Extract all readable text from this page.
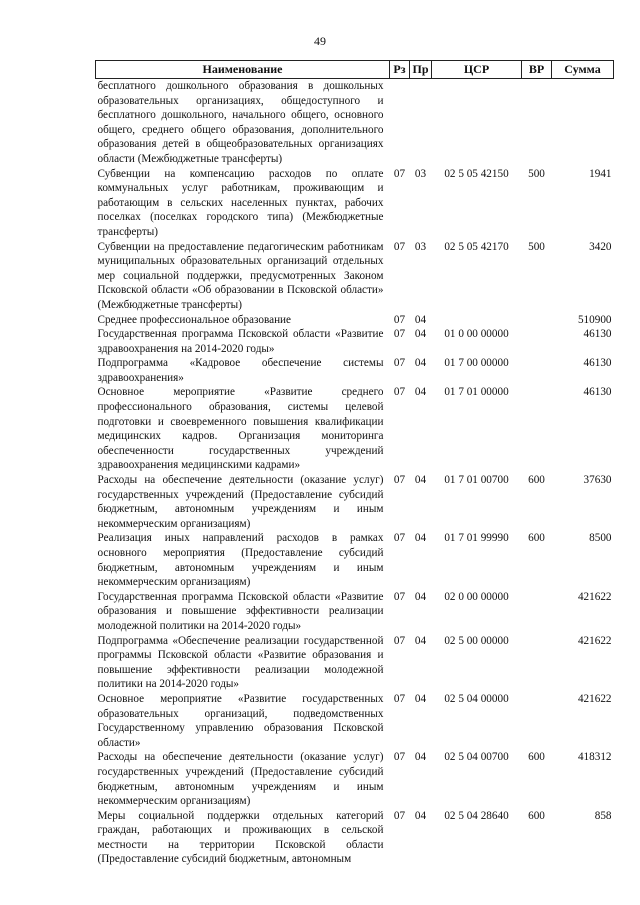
49
Наименование	Рз	Пр	ЦСР	ВР	Сумма
бесплатного дошкольного образования в дошкольных образовательных организациях, общедоступного и бесплатного дошкольного, начального общего, основного общего, среднего общего образования, дополнительного образования детей в общеобразовательных организациях области (Межбюджетные трансферты)					
Субвенции на компенсацию расходов по оплате коммунальных услуг работникам, проживающим и работающим в сельских населенных пунктах, рабочих поселках (поселках городского типа) (Межбюджетные трансферты)	07	03	02 5 05 42150	500	1941
Субвенции на предоставление педагогическим работникам муниципальных образовательных организаций отдельных мер социальной поддержки, предусмотренных Законом Псковской области «Об образовании в Псковской области» (Межбюджетные трансферты)	07	03	02 5 05 42170	500	3420
Среднее профессиональное образование	07	04			510900
Государственная программа Псковской области «Развитие здравоохранения на 2014-2020 годы»	07	04	01 0 00 00000		46130
Подпрограмма «Кадровое обеспечение системы здравоохранения»	07	04	01 7 00 00000		46130
Основное мероприятие «Развитие среднего профессионального образования, системы целевой подготовки и своевременного повышения квалификации медицинских кадров. Организация мониторинга обеспеченности государственных учреждений здравоохранения медицинскими кадрами»	07	04	01 7 01 00000		46130
Расходы на обеспечение деятельности (оказание услуг) государственных учреждений (Предоставление субсидий бюджетным, автономным учреждениям и иным некоммерческим организациям)	07	04	01 7 01 00700	600	37630
Реализация иных направлений расходов в рамках основного мероприятия (Предоставление субсидий бюджетным, автономным учреждениям и иным некоммерческим организациям)	07	04	01 7 01 99990	600	8500
Государственная программа Псковской области «Развитие образования и повышение эффективности реализации молодежной политики на 2014-2020 годы»	07	04	02 0 00 00000		421622
Подпрограмма «Обеспечение реализации государственной программы Псковской области «Развитие образования и повышение эффективности реализации молодежной политики на 2014-2020 годы»	07	04	02 5 00 00000		421622
Основное мероприятие «Развитие государственных образовательных организаций, подведомственных Государственному управлению образования Псковской области»	07	04	02 5 04 00000		421622
Расходы на обеспечение деятельности (оказание услуг) государственных учреждений (Предоставление субсидий бюджетным, автономным учреждениям и иным некоммерческим организациям)	07	04	02 5 04 00700	600	418312
Меры социальной поддержки отдельных категорий граждан, работающих и проживающих в сельской местности на территории Псковской области (Предоставление субсидий бюджетным, автономным	07	04	02 5 04 28640	600	858
